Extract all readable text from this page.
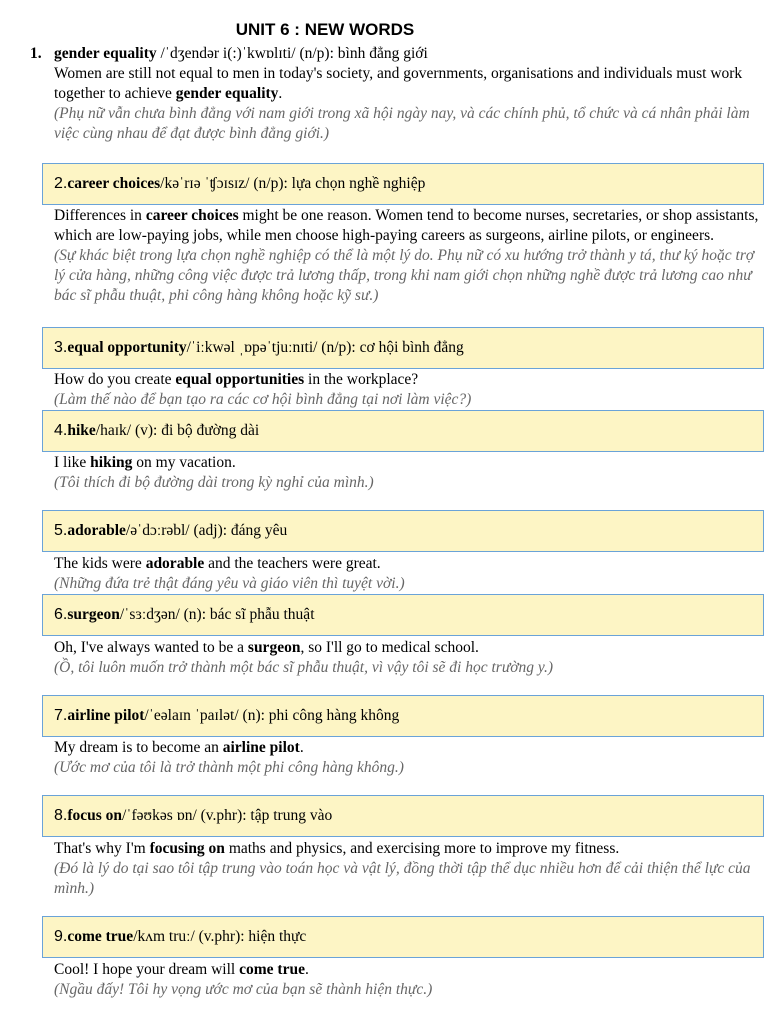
UNIT 6 : NEW WORDS
1. gender equality /ˈdʒendər i(:)ˈkwɒlɪti/ (n/p): bình đẳng giới
Women are still not equal to men in today's society, and governments, organisations and individuals must work together to achieve gender equality.
(Phụ nữ vẫn chưa bình đẳng với nam giới trong xã hội ngày nay, và các chính phủ, tổ chức và cá nhân phải làm việc cùng nhau để đạt được bình đẳng giới.)
2. career choices /kəˈrɪə ˈʧɔɪsɪz/ (n/p): lựa chọn nghề nghiệp
Differences in career choices might be one reason. Women tend to become nurses, secretaries, or shop assistants, which are low-paying jobs, while men choose high-paying careers as surgeons, airline pilots, or engineers.
(Sự khác biệt trong lựa chọn nghề nghiệp có thể là một lý do. Phụ nữ có xu hướng trở thành y tá, thư ký hoặc trợ lý cửa hàng, những công việc được trả lương thấp, trong khi nam giới chọn những nghề được trả lương cao như bác sĩ phẫu thuật, phi công hàng không hoặc kỹ sư.)
3. equal opportunity /ˈiːkwəl ˌɒpəˈtjuːnɪti/ (n/p): cơ hội bình đẳng
How do you create equal opportunities in the workplace?
(Làm thế nào để bạn tạo ra các cơ hội bình đẳng tại nơi làm việc?)
4. hike /haɪk/ (v): đi bộ đường dài
I like hiking on my vacation.
(Tôi thích đi bộ đường dài trong kỳ nghỉ của mình.)
5. adorable /əˈdɔːrəbl/ (adj): đáng yêu
The kids were adorable and the teachers were great.
(Những đứa trẻ thật đáng yêu và giáo viên thì tuyệt vời.)
6. surgeon /ˈsɜːdʒən/ (n): bác sĩ phẫu thuật
Oh, I've always wanted to be a surgeon, so I'll go to medical school.
(Ồ, tôi luôn muốn trở thành một bác sĩ phẫu thuật, vì vậy tôi sẽ đi học trường y.)
7. airline pilot /ˈeəlaɪn ˈpaɪlət/ (n): phi công hàng không
My dream is to become an airline pilot.
(Ước mơ của tôi là trở thành một phi công hàng không.)
8. focus on /ˈfəʊkəs ɒn/ (v.phr): tập trung vào
That's why I'm focusing on maths and physics, and exercising more to improve my fitness.
(Đó là lý do tại sao tôi tập trung vào toán học và vật lý, đồng thời tập thể dục nhiều hơn để cải thiện thể lực của mình.)
9. come true /kʌm truː/ (v.phr): hiện thực
Cool! I hope your dream will come true.
(Ngầu đấy! Tôi hy vọng ước mơ của bạn sẽ thành hiện thực.)
